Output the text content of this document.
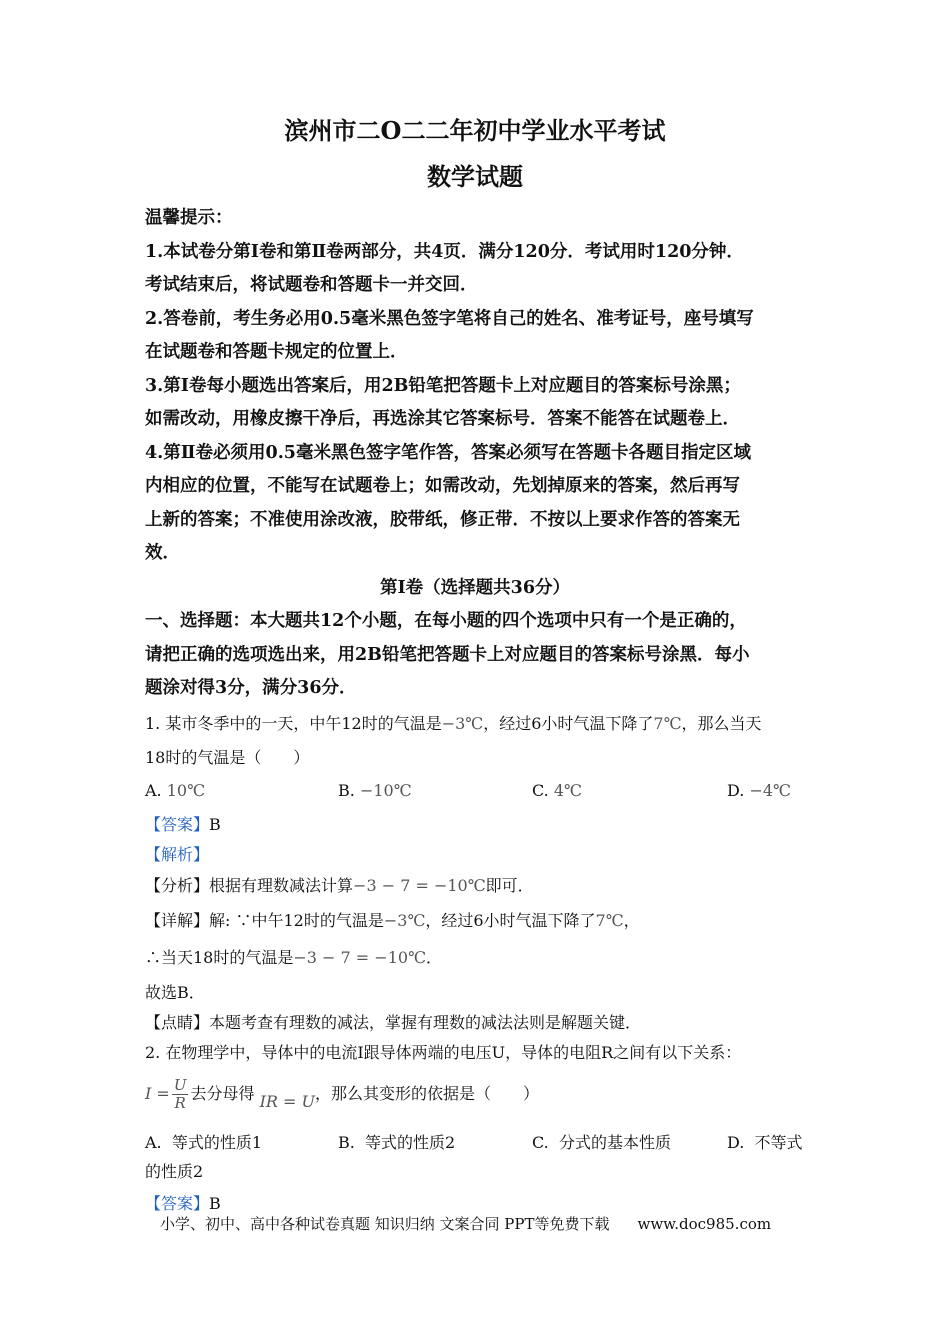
滨州市二O二二年初中学业水平考试
数学试题
温馨提示：
1.本试卷分第Ⅰ卷和第Ⅱ卷两部分，共4页．满分120分．考试用时120分钟．
考试结束后，将试题卷和答题卡一并交回．
2.答卷前，考生务必用0.5毫米黑色签字笔将自己的姓名、准考证号，座号填写
在试题卷和答题卡规定的位置上．
3.第Ⅰ卷每小题选出答案后，用2B铅笔把答题卡上对应题目的答案标号涂黑；
如需改动，用橡皮擦干净后，再选涂其它答案标号．答案不能答在试题卷上．
4.第Ⅱ卷必须用0.5毫米黑色签字笔作答，答案必须写在答题卡各题目指定区域
内相应的位置，不能写在试题卷上；如需改动，先划掉原来的答案，然后再写
上新的答案；不准使用涂改液，胶带纸，修正带．不按以上要求作答的答案无
效．
第Ⅰ卷（选择题共36分）
一、选择题：本大题共12个小题，在每小题的四个选项中只有一个是正确的，
请把正确的选项选出来，用2B铅笔把答题卡上对应题目的答案标号涂黑．每小
题涂对得3分，满分36分．
1. 某市冬季中的一天，中午12时的气温是−3℃，经过6小时气温下降了7℃，那么当天
18时的气温是（　　）
A. 10℃	B. −10℃	C. 4℃	D. −4℃
【答案】B
【解析】
【分析】根据有理数减法计算−3 − 7 = −10℃即可．
【详解】解: ∵中午12时的气温是−3℃，经过6小时气温下降了7℃，
∴当天18时的气温是−3 − 7 = −10℃．
故选B．
【点睛】本题考查有理数的减法，掌握有理数的减法法则是解题关键．
2. 在物理学中，导体中的电流Ⅰ跟导体两端的电压U，导体的电阻R之间有以下关系：
$I = \frac{U}{R}$ 去分母得 IR = U，那么其变形的依据是（　　）
A. 等式的性质1	B. 等式的性质2	C. 分式的基本性质	D. 不等式
的性质2
【答案】B
小学、初中、高中各种试卷真题 知识归纳 文案合同 PPT等免费下载 www.doc985.com
